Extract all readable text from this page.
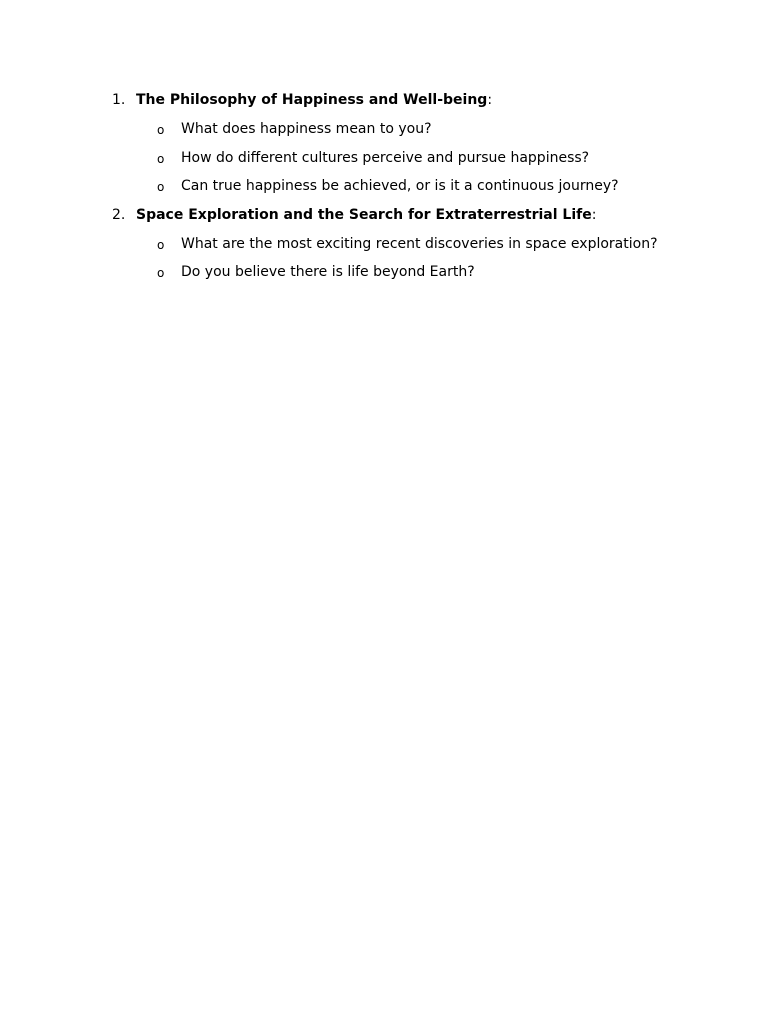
1. The Philosophy of Happiness and Well-being:
o What does happiness mean to you?
o How do different cultures perceive and pursue happiness?
o Can true happiness be achieved, or is it a continuous journey?
2. Space Exploration and the Search for Extraterrestrial Life:
o What are the most exciting recent discoveries in space exploration?
o Do you believe there is life beyond Earth?
